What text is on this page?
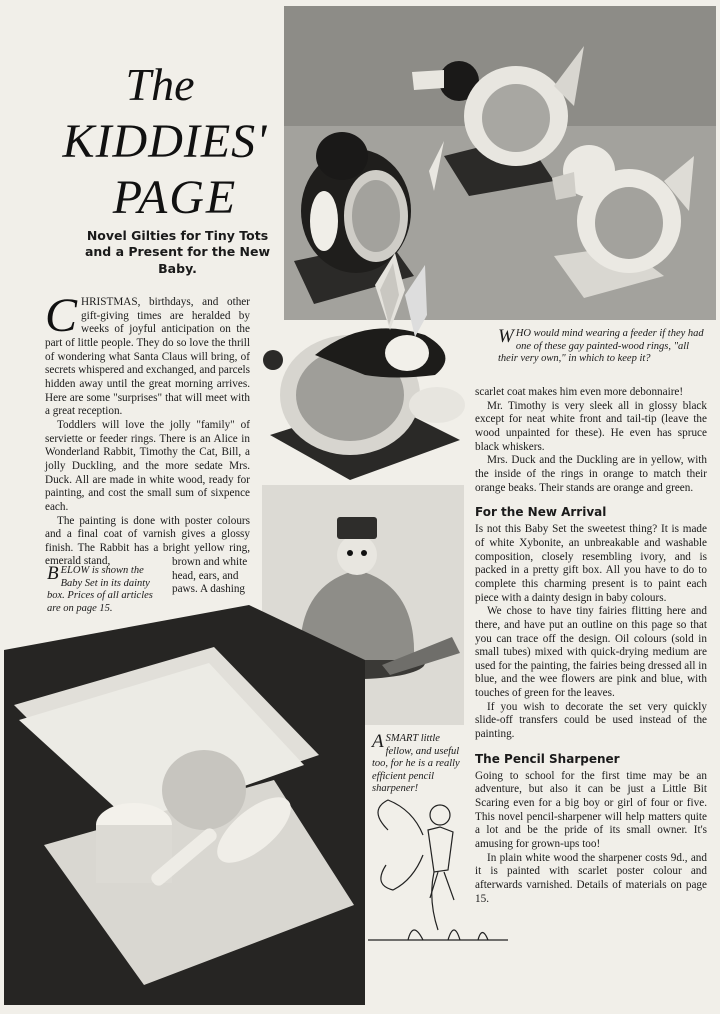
The
KIDDIES'
PAGE
Novel Gilties for Tiny Tots and a Present for the New Baby.

CHRISTMAS, birthdays, and other gift-giving times are heralded by weeks of joyful anticipation on the part of little people. They do so love the thrill of wondering what Santa Claus will bring, of secrets whispered and exchanged, and parcels hidden away until the great morning arrives. Here are some "surprises" that will meet with a great reception.

Toddlers will love the jolly "family" of serviette or feeder rings. There is an Alice in Wonderland Rabbit, Timothy the Cat, Bill, a jolly Duckling, and the more sedate Mrs. Duck. All are made in white wood, ready for painting, and cost the small sum of sixpence each.

The painting is done with poster colours and a final coat of varnish gives a glossy finish. The Rabbit has a bright yellow ring, emerald stand,	brown and white head, ears, and paws. A dashing
BELOW is shown the Baby Set in its dainty box. Prices of all articles are on page 15.
WHO would mind wearing a feeder if they had one of these gay painted-wood rings, "all their very own," in which to keep it?

scarlet coat makes him even more debonnaire!

Mr. Timothy is very sleek all in glossy black except for neat white front and tail-tip (leave the wood unpainted for these). He even has spruce black whiskers.

Mrs. Duck and the Duckling are in yellow, with the inside of the rings in orange to match their orange beaks. Their stands are orange and green.

For the New Arrival

Is not this Baby Set the sweetest thing? It is made of white Xybonite, an unbreakable and washable composition, closely resembling ivory, and is packed in a pretty gift box. All you have to do to complete this charming present is to paint each piece with a dainty design in baby colours.

We chose to have tiny fairies flitting here and there, and have put an outline on this page so that you can trace off the design. Oil colours (sold in small tubes) mixed with quick-drying medium are used for the painting, the fairies being dressed all in blue, and the wee flowers are pink and blue, with touches of green for the leaves.

If you wish to decorate the set very quickly slide-off transfers could be used instead of the painting.

The Pencil Sharpener

Going to school for the first time may be an adventure, but also it can be just a Little Bit Scaring even for a big boy or girl of four or five. This novel pencil-sharpener will help matters quite a lot and be the pride of its small owner. It's amusing for grown-ups too!

In plain white wood the sharpener costs 9d., and it is painted with scarlet poster colour and afterwards varnished. Details of materials on page 15.

ASMART little fellow, and useful too, for he is a really efficient pencil sharpener!
